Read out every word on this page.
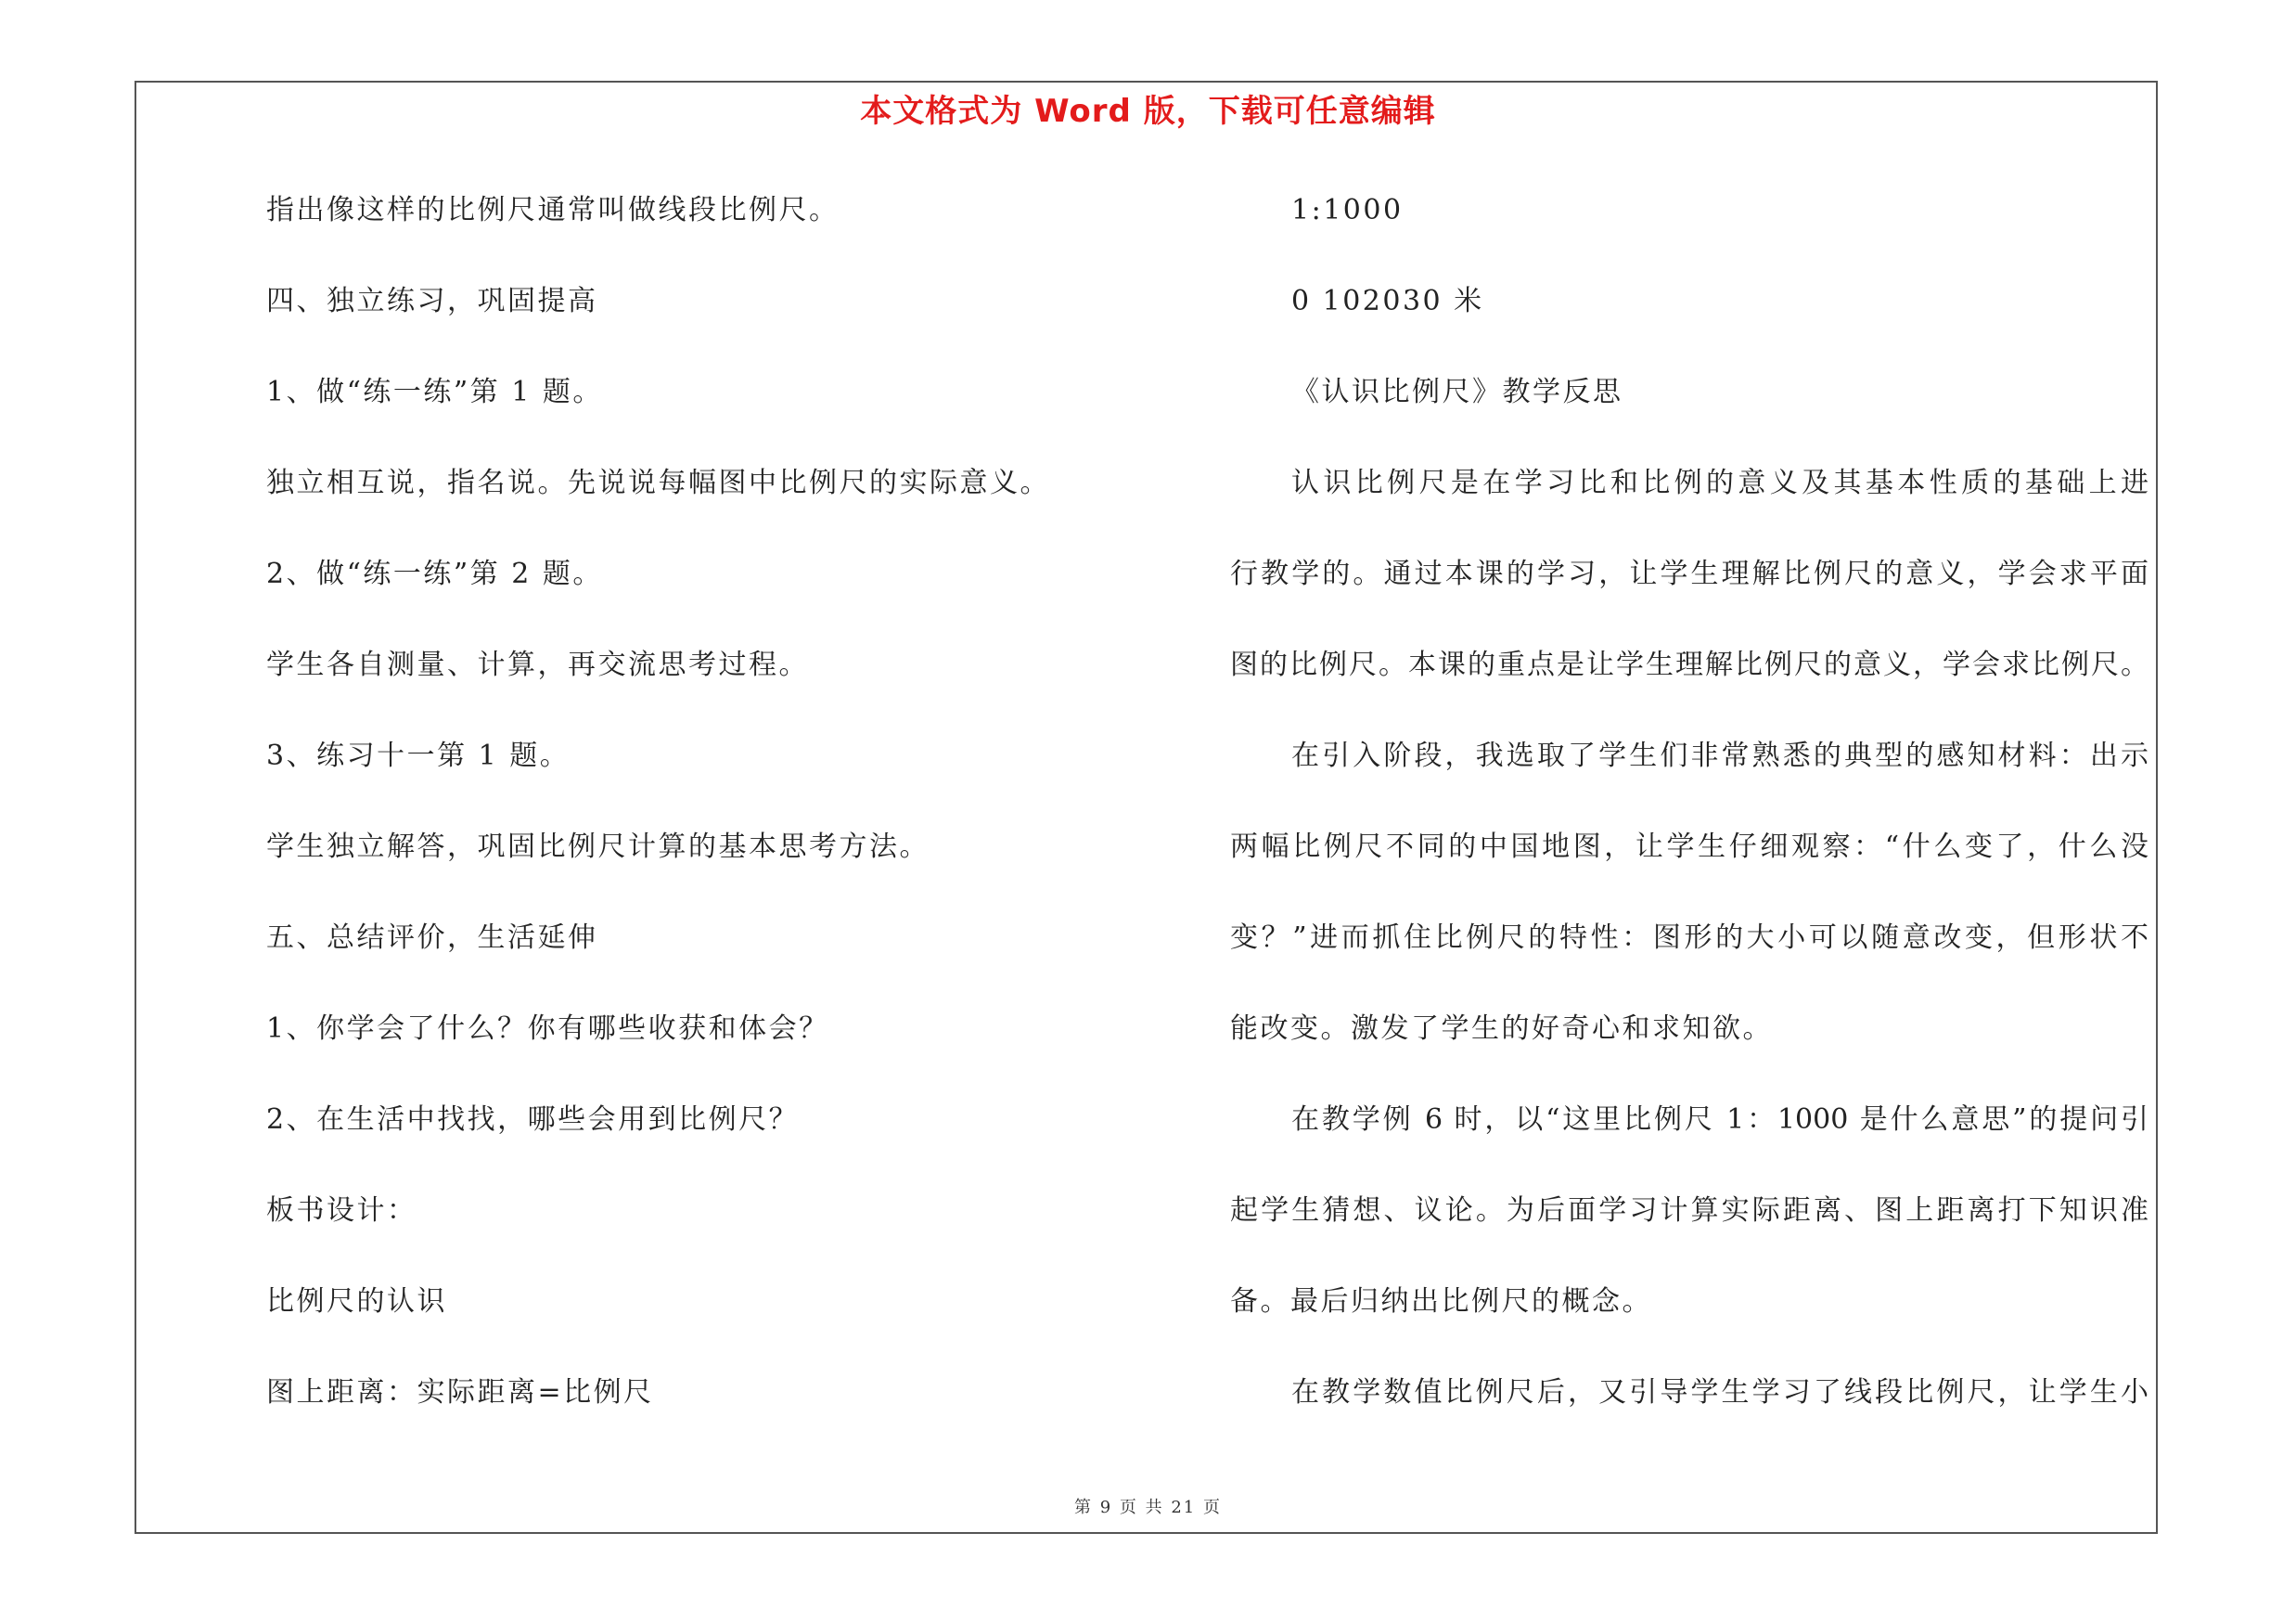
本文格式为 Word 版，下载可任意编辑
指出像这样的比例尺通常叫做线段比例尺。
四、独立练习，巩固提高
1、做“练一练”第 1 题。
独立相互说，指名说。先说说每幅图中比例尺的实际意义。
2、做“练一练”第 2 题。
学生各自测量、计算，再交流思考过程。
3、练习十一第 1 题。
学生独立解答，巩固比例尺计算的基本思考方法。
五、总结评价，生活延伸
1、你学会了什么？你有哪些收获和体会？
2、在生活中找找，哪些会用到比例尺？
板书设计：
比例尺的认识
图上距离：实际距离=比例尺
1:1000
0 102030 米
《认识比例尺》教学反思
认识比例尺是在学习比和比例的意义及其基本性质的基础上进
行教学的。通过本课的学习，让学生理解比例尺的意义，学会求平面
图的比例尺。本课的重点是让学生理解比例尺的意义，学会求比例尺。
在引入阶段，我选取了学生们非常熟悉的典型的感知材料：出示
两幅比例尺不同的中国地图，让学生仔细观察：“什么变了，什么没
变？”进而抓住比例尺的特性：图形的大小可以随意改变，但形状不
能改变。激发了学生的好奇心和求知欲。
在教学例 6 时，以“这里比例尺 1：1000 是什么意思”的提问引
起学生猜想、议论。为后面学习计算实际距离、图上距离打下知识准
备。最后归纳出比例尺的概念。
在教学数值比例尺后，又引导学生学习了线段比例尺，让学生小
第 9 页 共 21 页
